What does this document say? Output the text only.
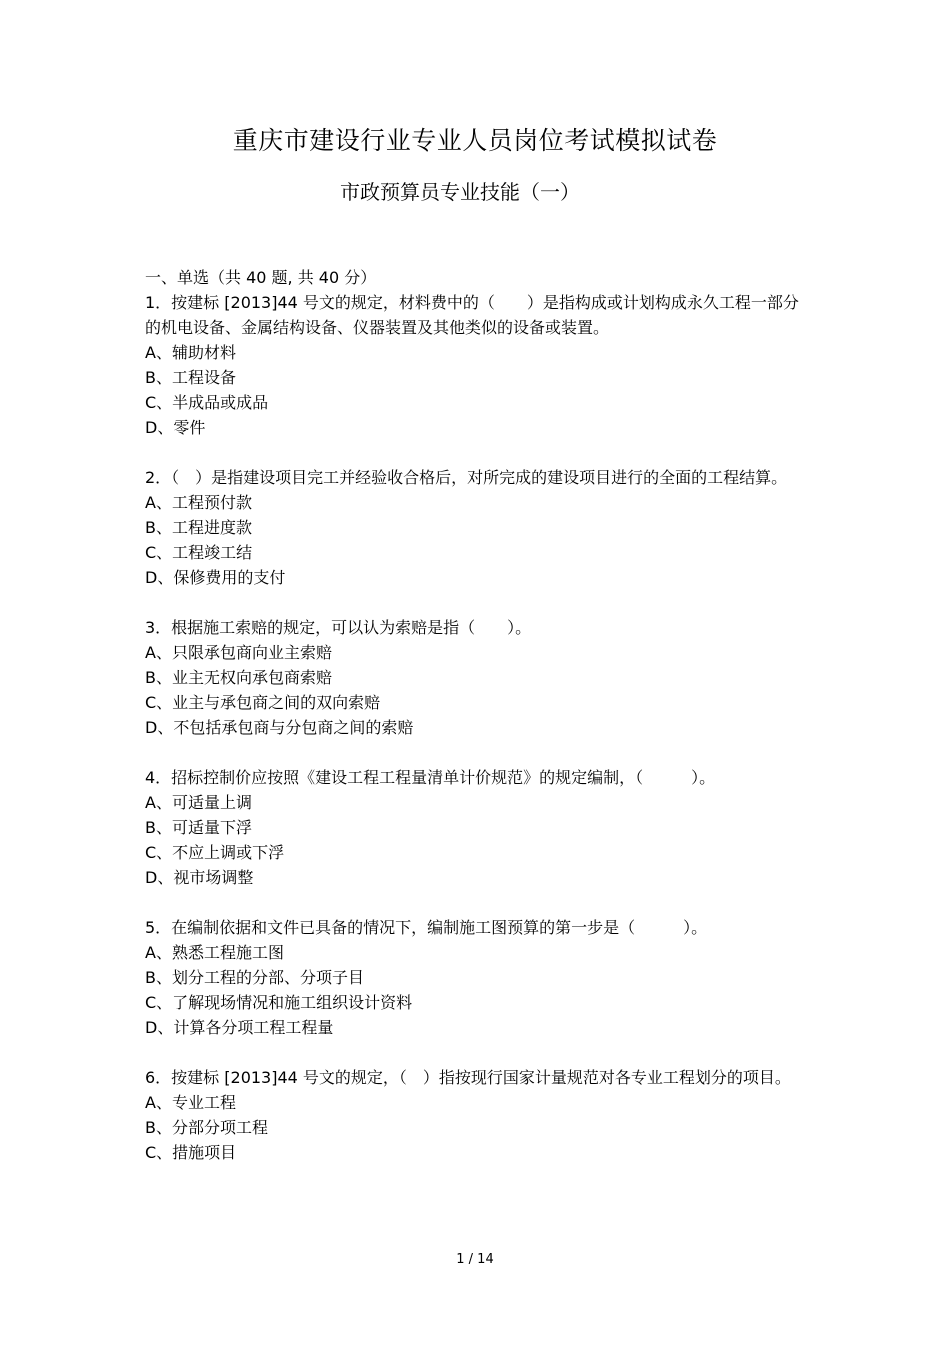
重庆市建设行业专业人员岗位考试模拟试卷
市政预算员专业技能（一）
一、单选（共 40 题, 共 40 分）
1．按建标 [2013]44 号文的规定，材料费中的（　　）是指构成或计划构成永久工程一部分的机电设备、金属结构设备、仪器装置及其他类似的设备或装置。
A、辅助材料
B、工程设备
C、半成品或成品
D、零件
2．（　）是指建设项目完工并经验收合格后，对所完成的建设项目进行的全面的工程结算。
A、工程预付款
B、工程进度款
C、工程竣工结
D、保修费用的支付
3．根据施工索赔的规定，可以认为索赔是指（　　）。
A、只限承包商向业主索赔
B、业主无权向承包商索赔
C、业主与承包商之间的双向索赔
D、不包括承包商与分包商之间的索赔
4．招标控制价应按照《建设工程工程量清单计价规范》的规定编制，（　　　）。
A、可适量上调
B、可适量下浮
C、不应上调或下浮
D、视市场调整
5．在编制依据和文件已具备的情况下，编制施工图预算的第一步是（　　　）。
A、熟悉工程施工图
B、划分工程的分部、分项子目
C、了解现场情况和施工组织设计资料
D、计算各分项工程工程量
6．按建标 [2013]44 号文的规定，（　）指按现行国家计量规范对各专业工程划分的项目。
A、专业工程
B、分部分项工程
C、措施项目
1 / 14
